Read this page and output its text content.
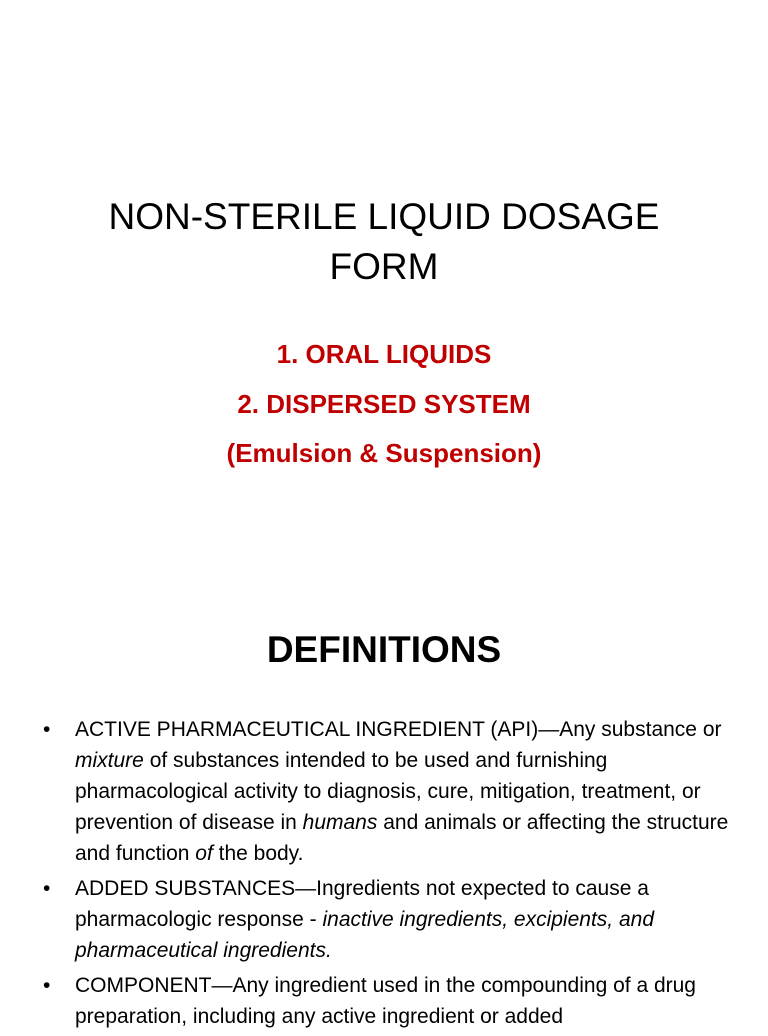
NON-STERILE LIQUID DOSAGE FORM
1. ORAL LIQUIDS
2. DISPERSED SYSTEM
(Emulsion & Suspension)
DEFINITIONS
• ACTIVE PHARMACEUTICAL INGREDIENT (API)—Any substance or mixture of substances intended to be used and furnishing pharmacological activity to diagnosis, cure, mitigation, treatment, or prevention of disease in humans and animals or affecting the structure and function of the body.
• ADDED SUBSTANCES—Ingredients not expected to cause a pharmacologic response - inactive ingredients, excipients, and pharmaceutical ingredients.
• COMPONENT—Any ingredient used in the compounding of a drug preparation, including any active ingredient or added
